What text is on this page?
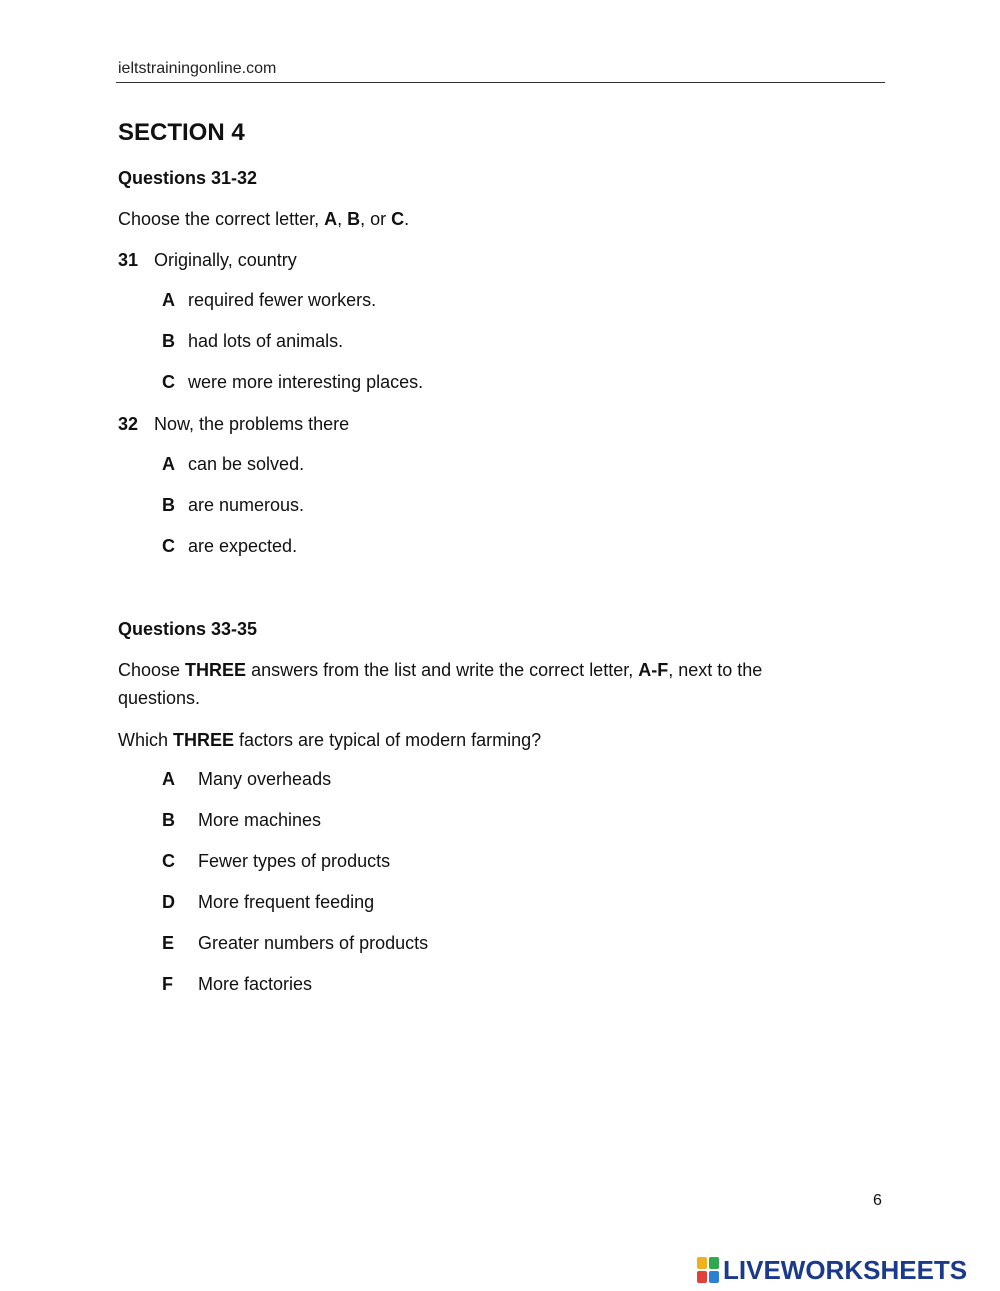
ieltstrainingonline.com
SECTION 4
Questions 31-32
Choose the correct letter, A, B, or C.
31 Originally, country
A required fewer workers.
B had lots of animals.
C were more interesting places.
32 Now, the problems there
A can be solved.
B are numerous.
C are expected.
Questions 33-35
Choose THREE answers from the list and write the correct letter, A-F, next to the questions.
Which THREE factors are typical of modern farming?
A Many overheads
B More machines
C Fewer types of products
D More frequent feeding
E Greater numbers of products
F More factories
6
LIVEWORKSHEETS
